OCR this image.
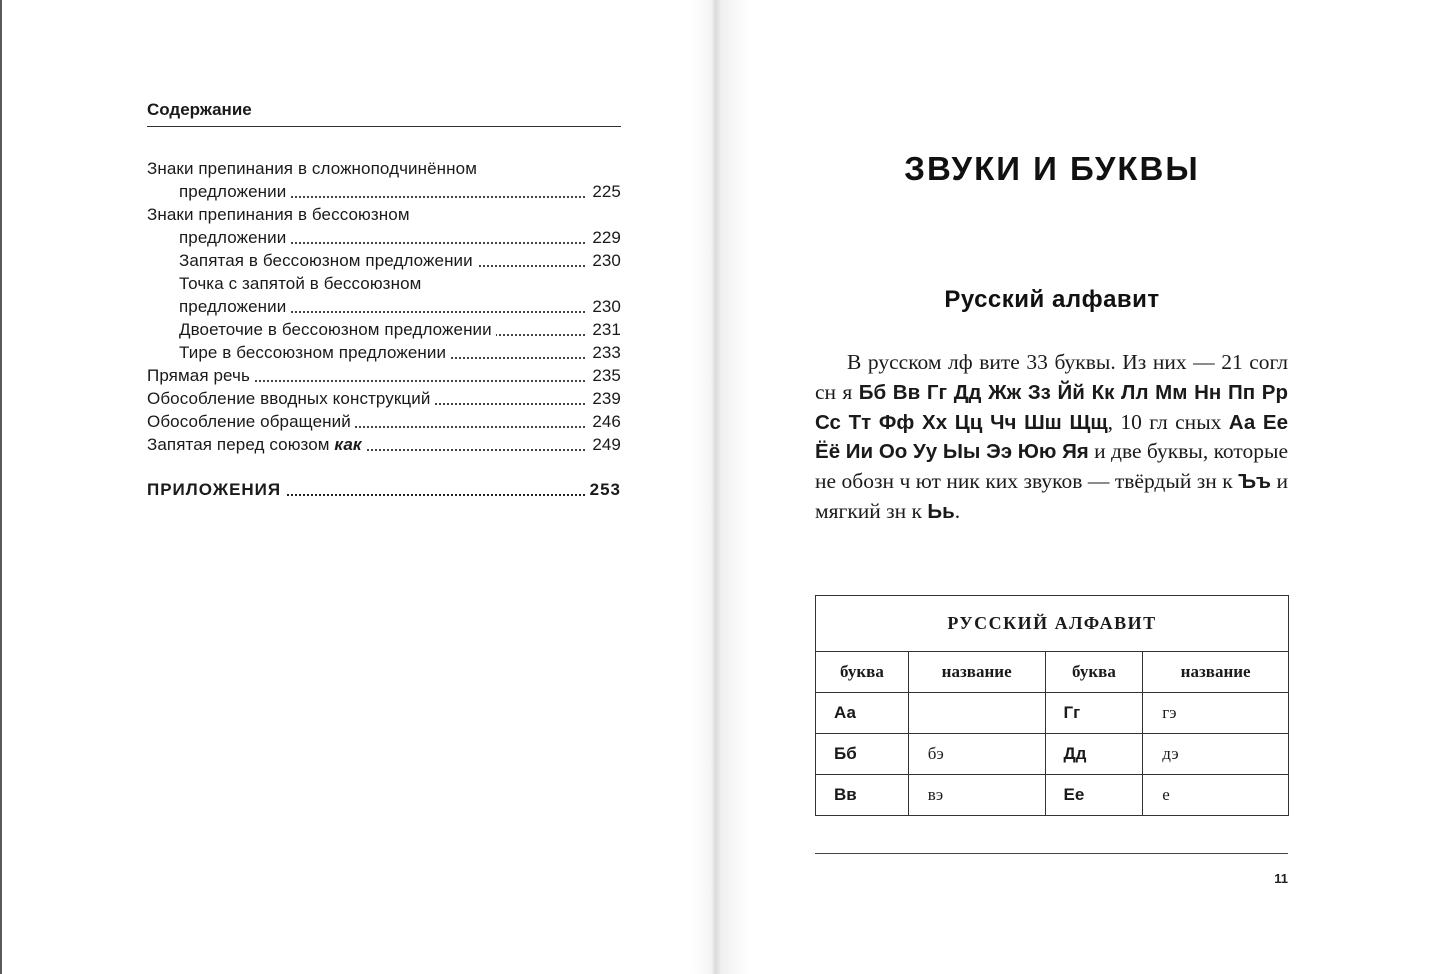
Содержание
Знаки препинания в сложноподчинённом
предложении	225
Знаки препинания в бессоюзном
предложении	229
Запятая в бессоюзном предложении	230
Точка с запятой в бессоюзном
предложении	230
Двоеточие в бессоюзном предложении	231
Тире в бессоюзном предложении	233
Прямая речь	235
Обособление вводных конструкций	239
Обособление обращений	246
Запятая перед союзом как	249
ПРИЛОЖЕНИЯ	253
ЗВУКИ И БУКВЫ
Русский алфавит
В русском лф вите 33 буквы. Из них — 21 согл сн я Бб Вв Гг Дд Жж Зз Йй Кк Лл Мм Нн Пп Рр Сс Тт Фф Хх Цц Чч Шш Щщ, 10 гл сных Аа Ее Ёё Ии Оо Уу Ыы Ээ Юю Яя и две буквы, которые не обозн ч ют ник ких звуков — твёрдый зн к Ъъ и мягкий зн к Ьь.
РУССКИЙ АЛФАВИТ			
буква	название	буква	название
Аа		Гг	гэ
Бб	бэ	Дд	дэ
Вв	вэ	Ее	е
11
